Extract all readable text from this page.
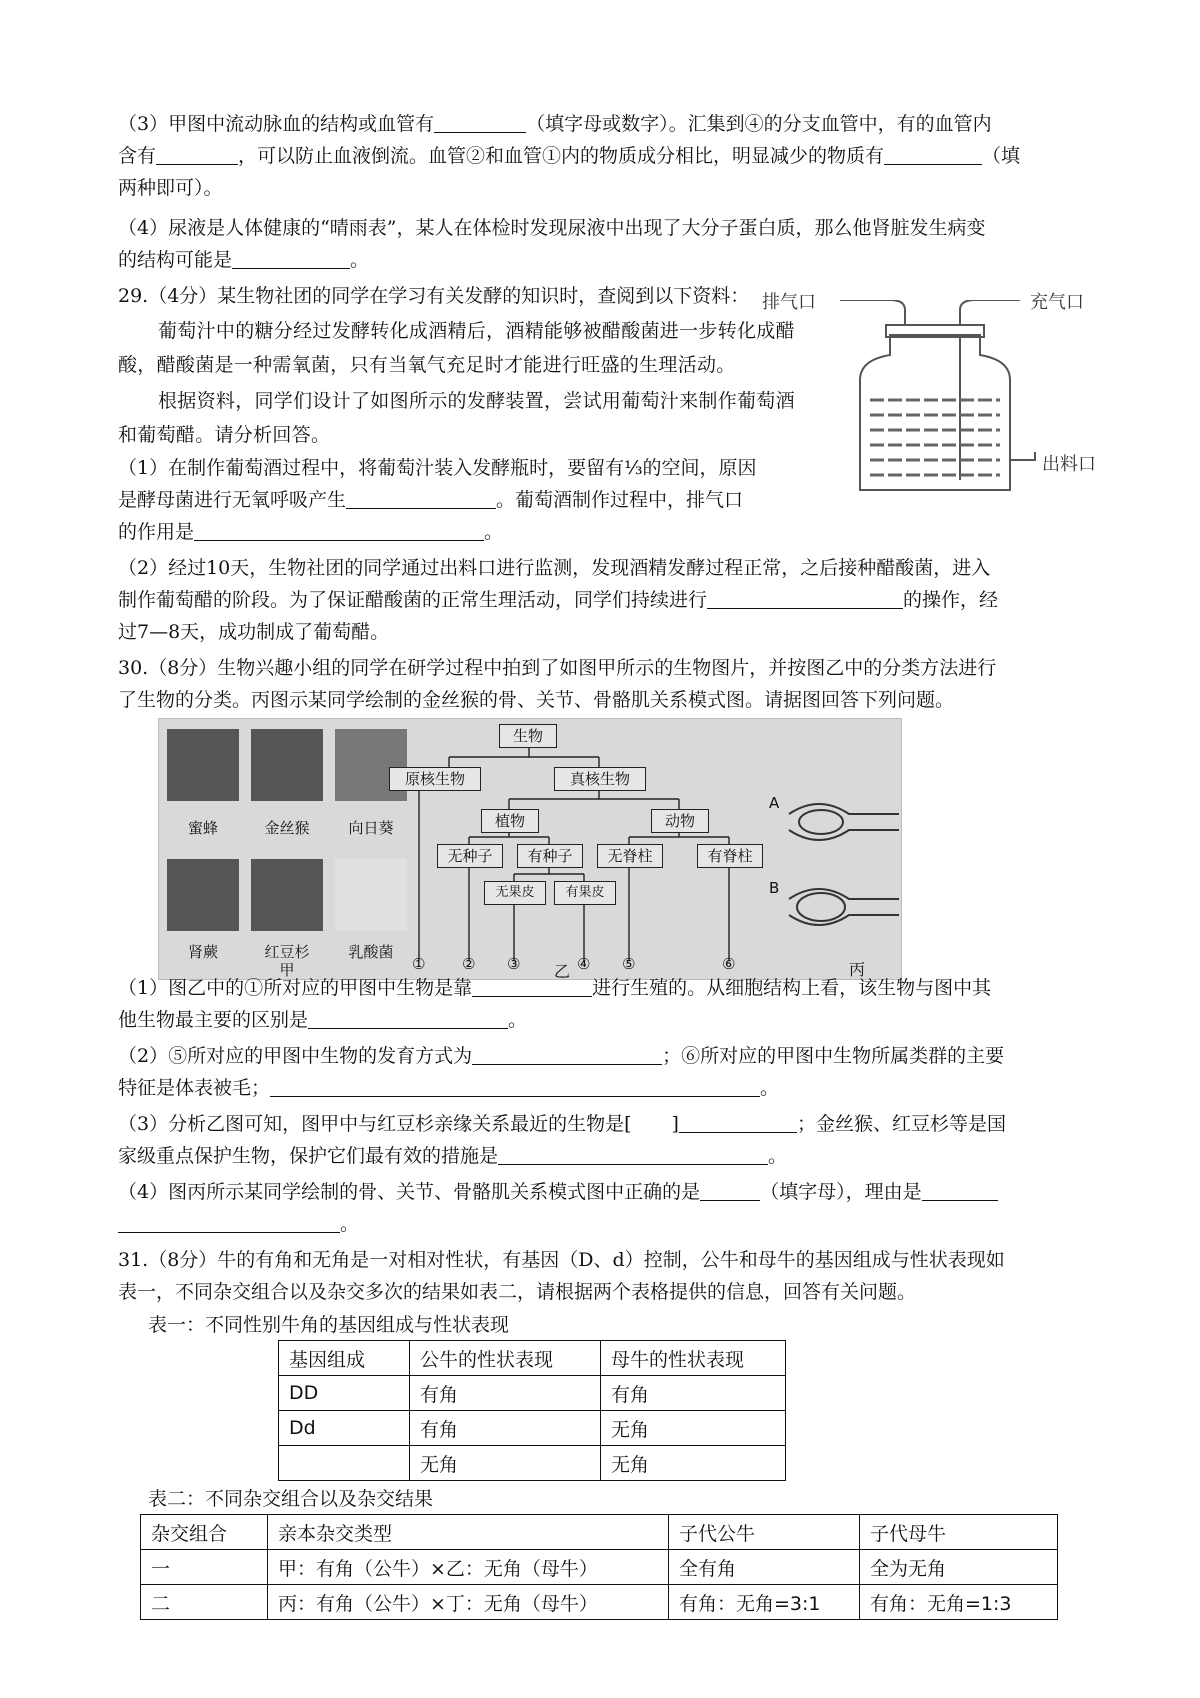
（3）甲图中流动脉血的结构或血管有	（填字母或数字）。汇集到④的分支血管中，有的血管内

含有	，可以防止血液倒流。血管②和血管①内的物质成分相比，明显减少的物质有	（填

两种即可）。

（4）尿液是人体健康的“晴雨表”，某人在体检时发现尿液中出现了大分子蛋白质，那么他肾脏发生病变

的结构可能是	。

29.（4分）某生物社团的同学在学习有关发酵的知识时，查阅到以下资料：

葡萄汁中的糖分经过发酵转化成酒精后，酒精能够被醋酸菌进一步转化成醋酸，醋酸菌是一种需氧菌，只有当氧气充足时才能进行旺盛的生理活动。
根据资料，同学们设计了如图所示的发酵装置，尝试用葡萄汁来制作葡萄酒和葡萄醋。请分析回答。
排气口	充气口
出料口

（1）在制作葡萄酒过程中，将葡萄汁装入发酵瓶时，要留有⅓的空间，原因

是酵母菌进行无氧呼吸产生	。葡萄酒制作过程中，排气口

的作用是	。

（2）经过10天，生物社团的同学通过出料口进行监测，发现酒精发酵过程正常，之后接种醋酸菌，进入

制作葡萄醋的阶段。为了保证醋酸菌的正常生理活动，同学们持续进行	的操作，经

过7—8天，成功制成了葡萄醋。

30.（8分）生物兴趣小组的同学在研学过程中拍到了如图甲所示的生物图片，并按图乙中的分类方法进行

了生物的分类。丙图示某同学绘制的金丝猴的骨、关节、骨骼肌关系模式图。请据图回答下列问题。

蜜蜂	金丝猴	向日葵
肾蕨	红豆杉	乳酸菌
甲
生物
原核生物	真核生物
植物	动物
无种子	有种子	无脊柱	有脊柱
无果皮	有果皮
① ② ③	④ ⑤	⑥
乙
A
B
丙

（1）图乙中的①所对应的甲图中生物是靠	进行生殖的。从细胞结构上看，该生物与图中其

他生物最主要的区别是	。

（2）⑤所对应的甲图中生物的发育方式为	；⑥所对应的甲图中生物所属类群的主要

特征是体表被毛；	。

（3）分析乙图可知，图甲中与红豆杉亲缘关系最近的生物是[ ]	；金丝猴、红豆杉等是国

家级重点保护生物，保护它们最有效的措施是	。

（4）图丙所示某同学绘制的骨、关节、骨骼肌关系模式图中正确的是	（填字母），理由是

。

31.（8分）牛的有角和无角是一对相对性状，有基因（D、d）控制，公牛和母牛的基因组成与性状表现如

表一，不同杂交组合以及杂交多次的结果如表二，请根据两个表格提供的信息，回答有关问题。

表一：不同性别牛角的基因组成与性状表现
基因组成	公牛的性状表现	母牛的性状表现
DD	有角	有角
Dd	有角	无角
	无角	无角
表二：不同杂交组合以及杂交结果
杂交组合	亲本杂交类型	子代公牛	子代母牛
一	甲：有角（公牛）×乙：无角（母牛）	全有角	全为无角
二	丙：有角（公牛）×丁：无角（母牛）	有角：无角=3:1	有角：无角=1:3
